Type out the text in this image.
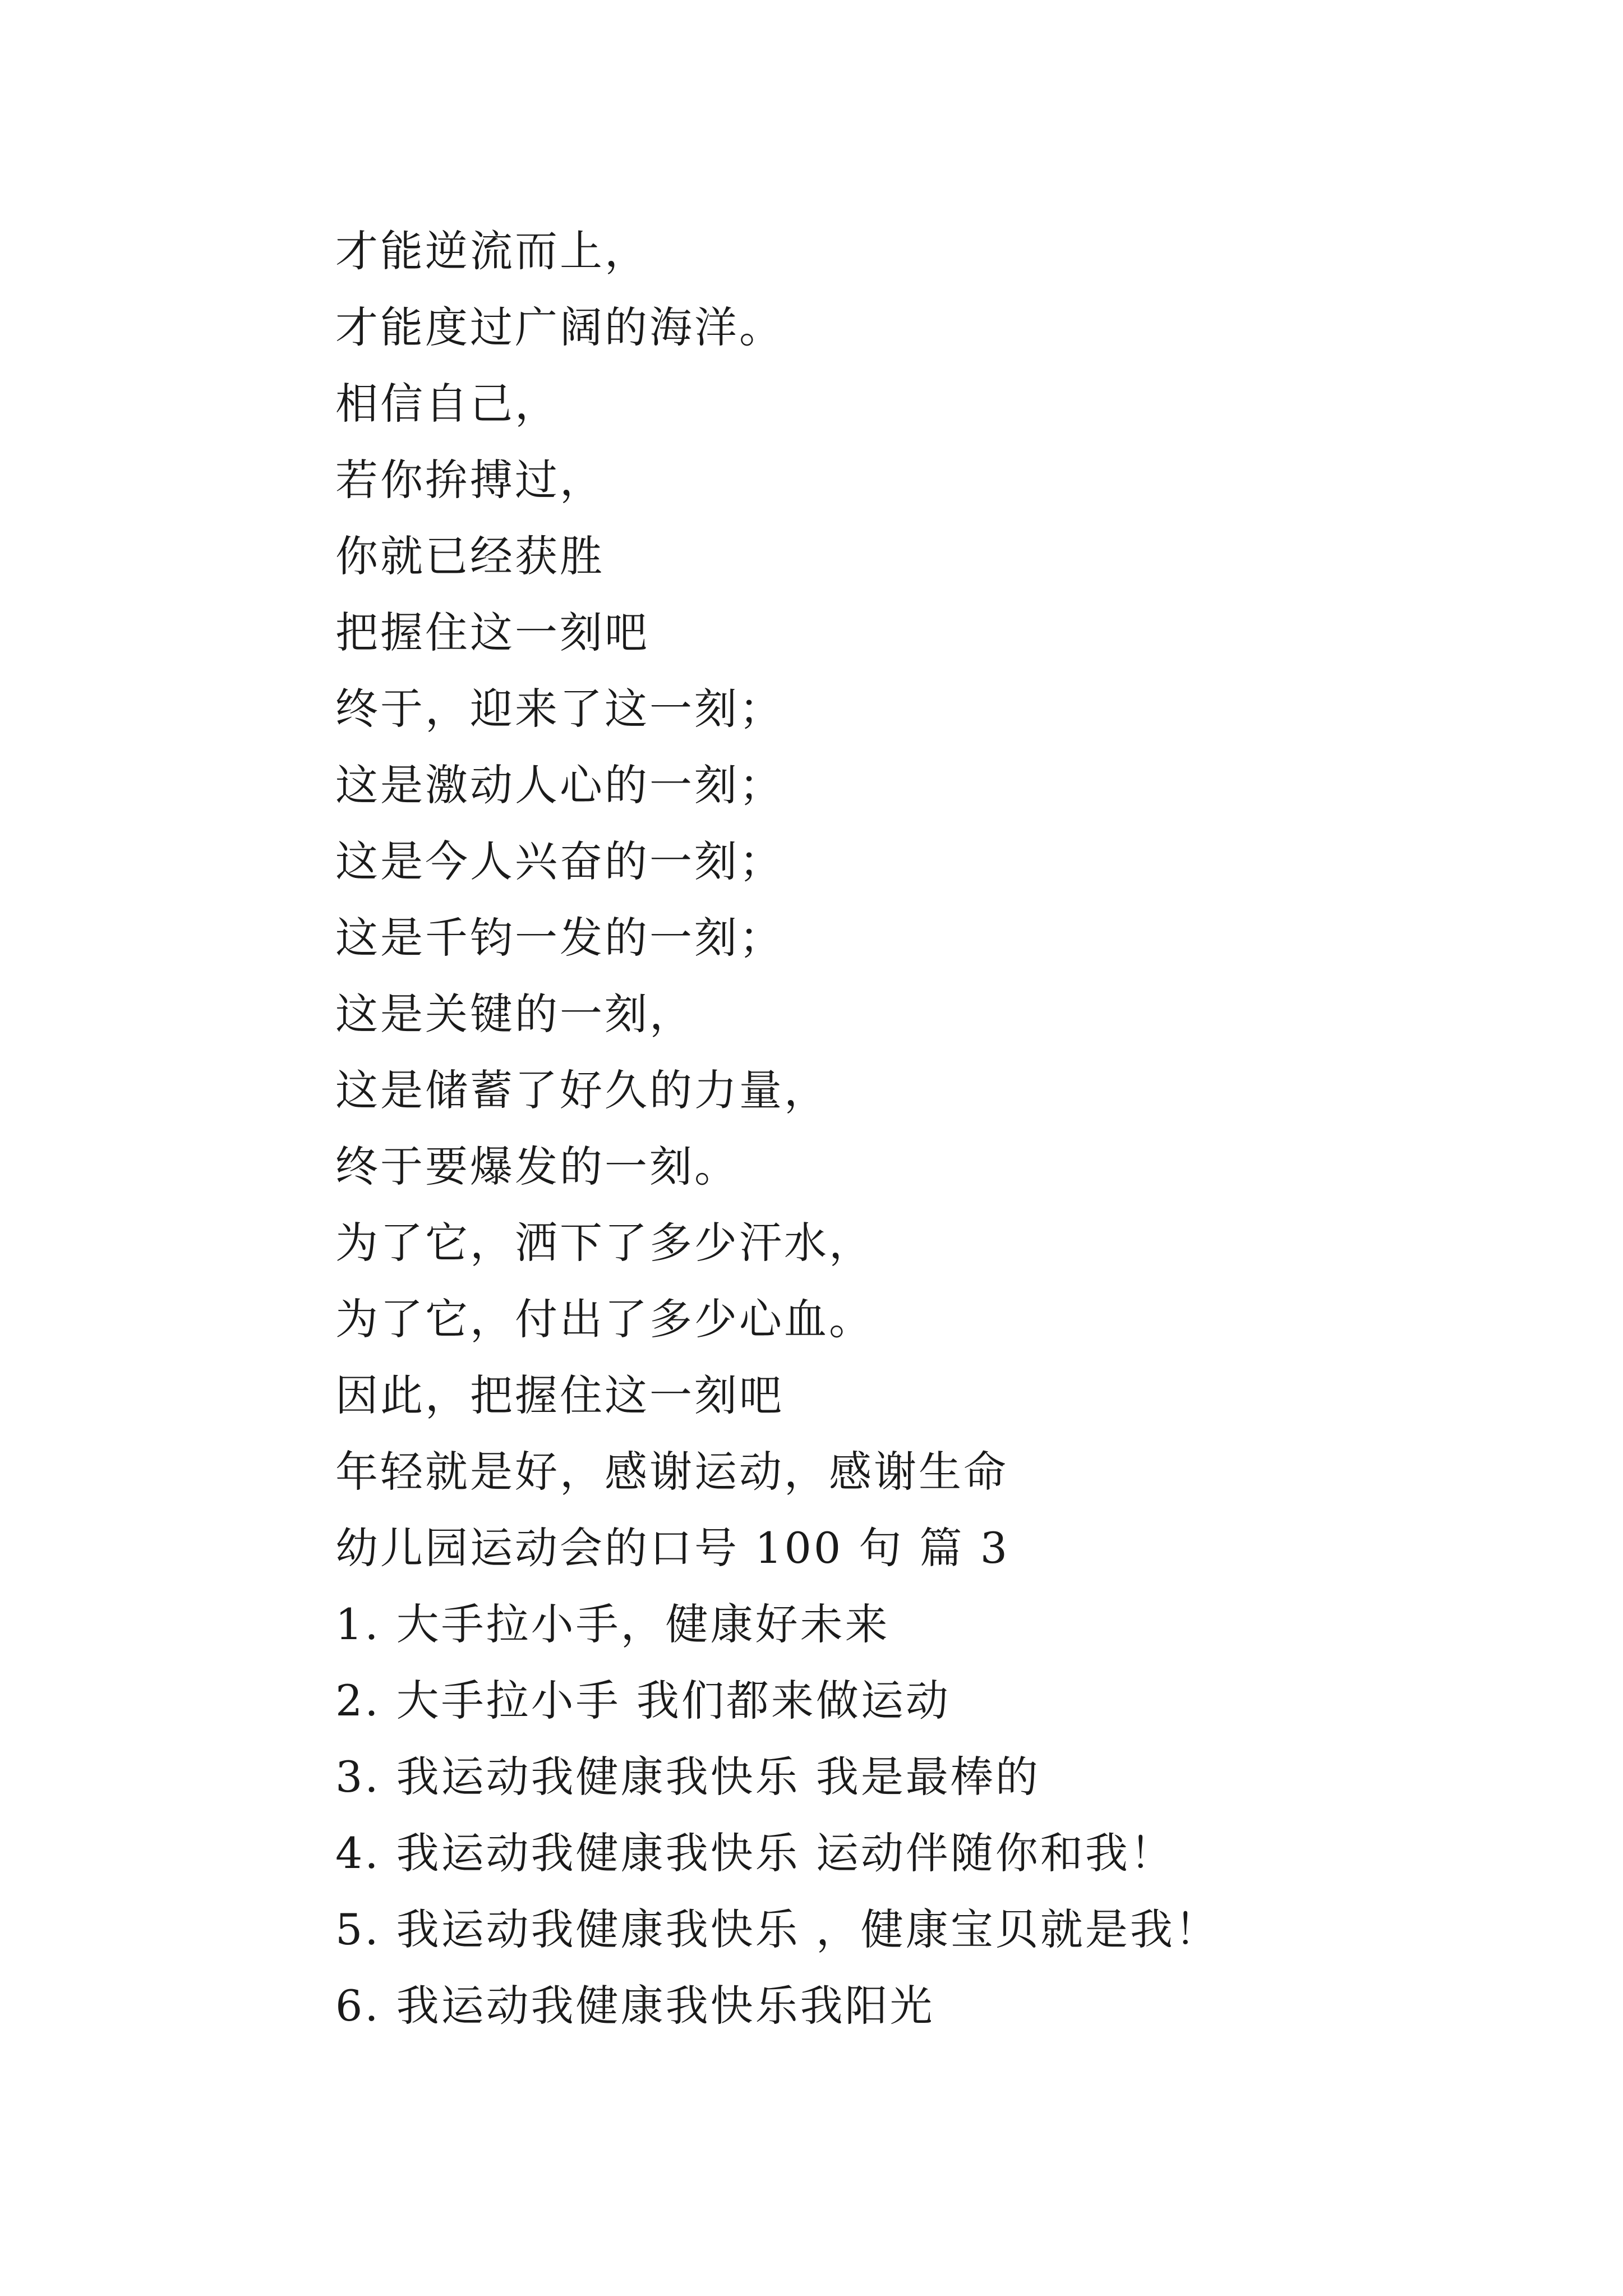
才能逆流而上，
才能度过广阔的海洋。
相信自己，
若你拚搏过，
你就已经获胜
把握住这一刻吧
终于，迎来了这一刻；
这是激动人心的一刻；
这是今人兴奋的一刻；
这是千钧一发的一刻；
这是关键的一刻，
这是储蓄了好久的力量，
终于要爆发的一刻。
为了它，洒下了多少汗水，
为了它，付出了多少心血。
因此，把握住这一刻吧
年轻就是好，感谢运动，感谢生命
幼儿园运动会的口号 100 句 篇 3
1. 大手拉小手，健康好未来
2. 大手拉小手 我们都来做运动
3. 我运动我健康我快乐 我是最棒的
4. 我运动我健康我快乐 运动伴随你和我！
5. 我运动我健康我快乐 ，健康宝贝就是我！
6. 我运动我健康我快乐我阳光
